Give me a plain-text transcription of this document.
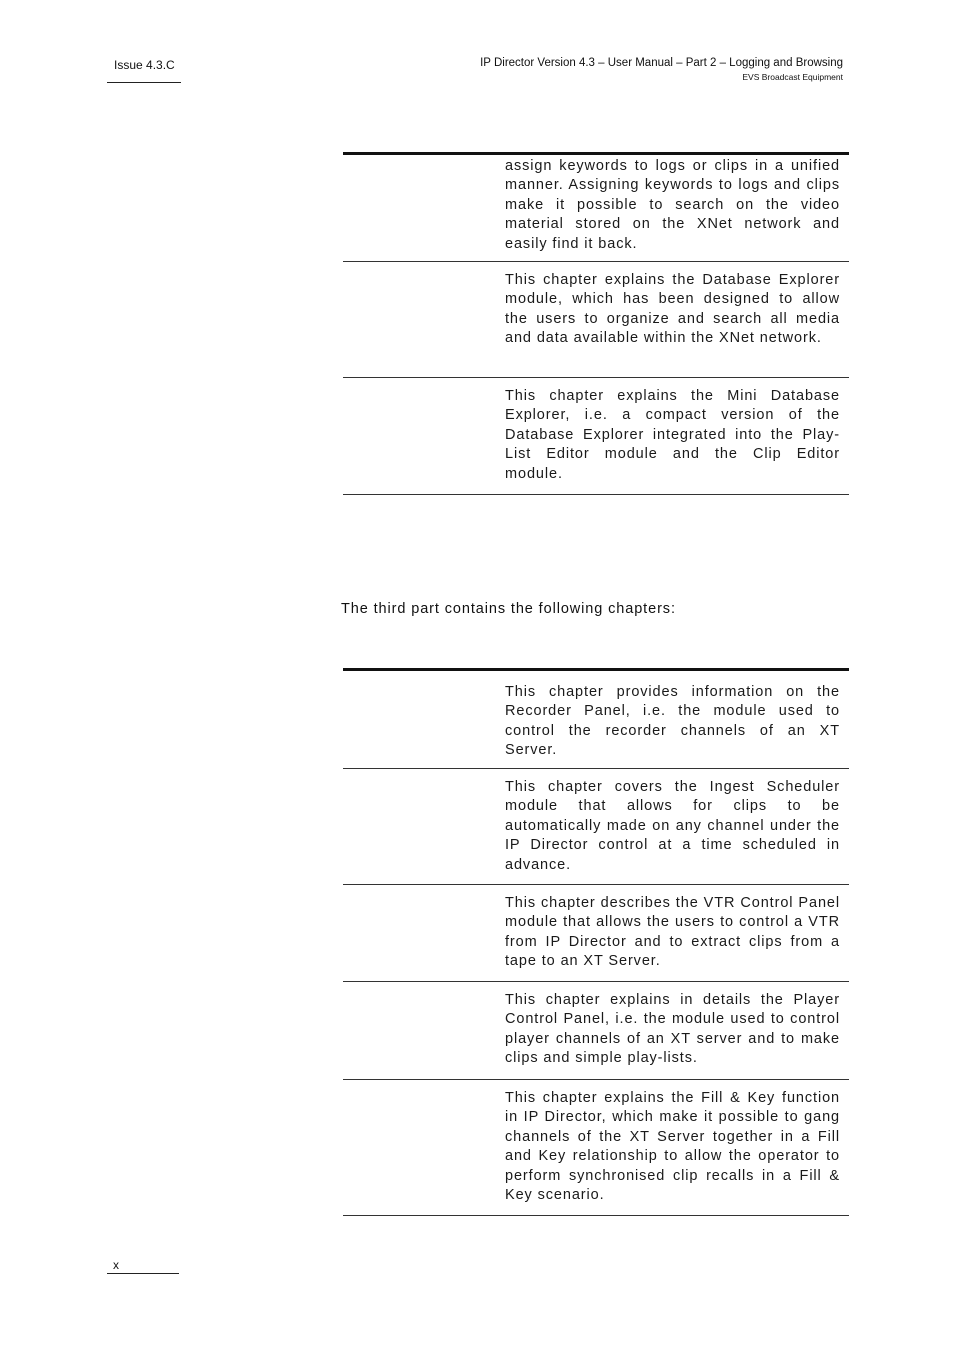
Issue 4.3.C	IP Director Version 4.3 – User Manual – Part 2 – Logging and Browsing
EVS Broadcast Equipment
assign keywords to logs or clips in a unified manner. Assigning keywords to logs and clips make it possible to search on the video material stored on the XNet network and easily find it back.
This chapter explains the Database Explorer module, which has been designed to allow the users to organize and search all media and data available within the XNet network.
This chapter explains the Mini Database Explorer, i.e. a compact version of the Database Explorer integrated into the Play-List Editor module and the Clip Editor module.
The third part contains the following chapters:
This chapter provides information on the Recorder Panel, i.e. the module used to control the recorder channels of an XT Server.
This chapter covers the Ingest Scheduler module that allows for clips to be automatically made on any channel under the IP Director control at a time scheduled in advance.
This chapter describes the VTR Control Panel module that allows the users to control a VTR from IP Director and to extract clips from a tape to an XT Server.
This chapter explains in details the Player Control Panel, i.e. the module used to control player channels of an XT server and to make clips and simple play-lists.
This chapter explains the Fill & Key function in IP Director, which make it possible to gang channels of the XT Server together in a Fill and Key relationship to allow the operator to perform synchronised clip recalls in a Fill & Key scenario.
x
